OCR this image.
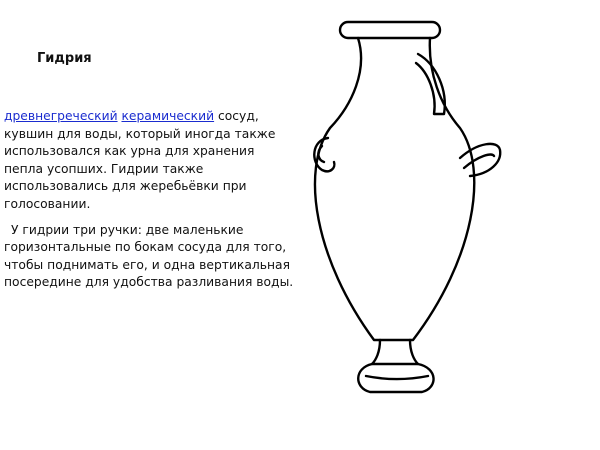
Гидрия

древнегреческий керамический сосуд, кувшин для воды, который иногда также использовался как урна для хранения пепла усопших. Гидрии также использовались для жеребьёвки при голосовании.

У гидрии три ручки: две маленькие горизонтальные по бокам сосуда для того, чтобы поднимать его, и одна вертикальная посередине для удобства разливания воды.
